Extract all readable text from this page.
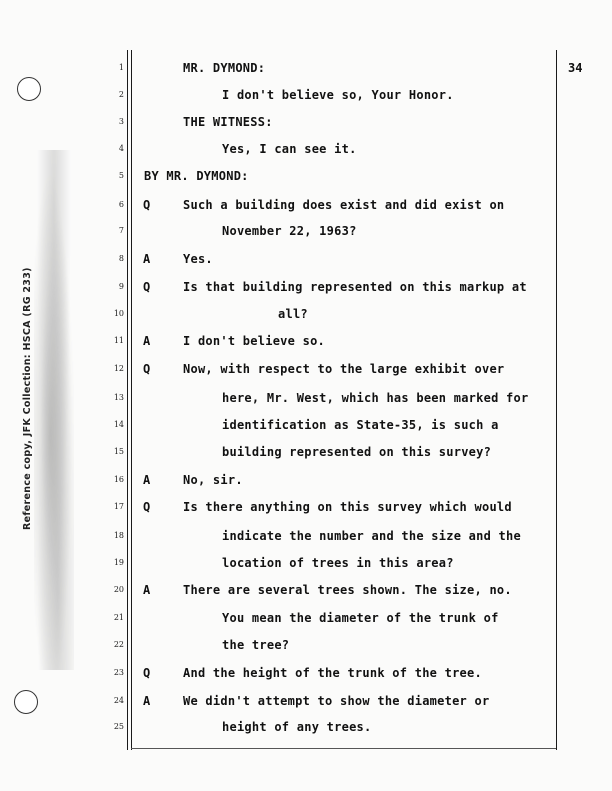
Reference copy, JFK Collection: HSCA (RG 233)
34
1	MR. DYMOND:
2	I don't believe so, Your Honor.
3	THE WITNESS:
4	Yes, I can see it.
5 BY MR. DYMOND:
6 Q	Such a building does exist and did exist on
7	November 22, 1963?
8 A	Yes.
9 Q	Is that building represented on this markup at
10	all?
11 A	I don't believe so.
12 Q	Now, with respect to the large exhibit over
13	here, Mr. West, which has been marked for
14	identification as State-35, is such a
15	building represented on this survey?
16 A	No, sir.
17 Q	Is there anything on this survey which would
18	indicate the number and the size and the
19	location of trees in this area?
20 A	There are several trees shown. The size, no.
21	You mean the diameter of the trunk of
22	the tree?
23 Q	And the height of the trunk of the tree.
24 A	We didn't attempt to show the diameter or
25	height of any trees.
